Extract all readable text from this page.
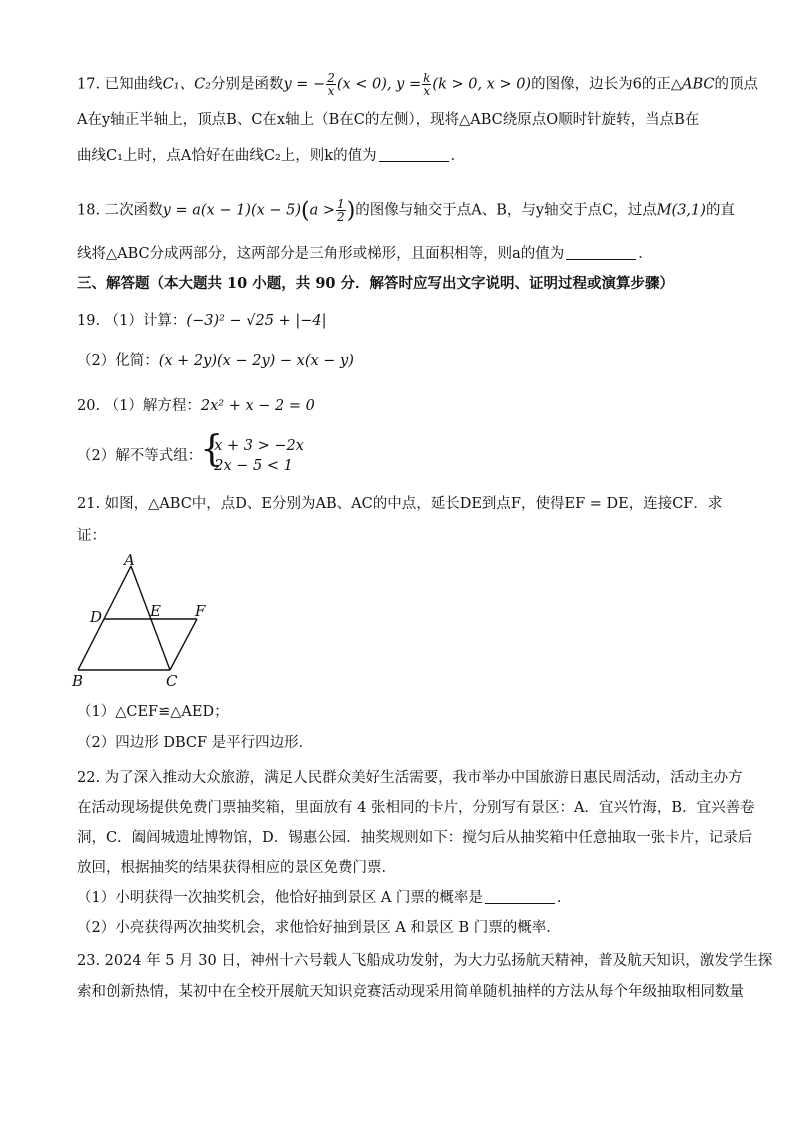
17. 已知曲线C₁、C₂分别是函数y = − $\frac{2}{x} (x < 0)$, $y = \frac{k}{x} (k > 0$, x > 0)的图像，边长为6的正△ABC的顶点
A在y轴正半轴上，顶点B、C在x轴上（B在C的左侧），现将△ABC绕原点O顺时针旋转，当点B在
曲线C₁上时，点A恰好在曲线C₂上，则k的值为	．
18. 二次函数$y = a(x - 1)(x - 5)(a > \frac{1}{2}$ )的图像与轴交于点A、B，与y轴交于点C，过点M(3,1)的直
线将△ABC分成两部分，这两部分是三角形或梯形，且面积相等，则a的值为	．
三、解答题（本大题共 10 小题，共 90 分．解答时应写出文字说明、证明过程或演算步骤）
19. （1）计算：(−3)² − √25 + |−4|
（2）化简：(x + 2y)(x − 2y) − x(x − y)
20. （1）解方程：2x² + x − 2 = 0
（2）解不等式组：
{ x + 3 > −2x
2x − 5 < 1
21. 如图，△ABC中，点D、E分别为AB、AC的中点，延长DE到点F，使得EF = DE，连接CF．求
证：
A
B	C
D	E F
（1）△CEF≌△AED；
（2）四边形 DBCF 是平行四边形．
22. 为了深入推动大众旅游，满足人民群众美好生活需要，我市举办中国旅游日惠民周活动，活动主办方
在活动现场提供免费门票抽奖箱，里面放有 4 张相同的卡片，分别写有景区：A．宜兴竹海，B．宜兴善卷
洞，C．阖闾城遗址博物馆，D．锡惠公园．抽奖规则如下：搅匀后从抽奖箱中任意抽取一张卡片，记录后
放回，根据抽奖的结果获得相应的景区免费门票．
（1）小明获得一次抽奖机会，他恰好抽到景区 A 门票的概率是	．
（2）小亮获得两次抽奖机会，求他恰好抽到景区 A 和景区 B 门票的概率．
23. 2024 年 5 月 30 日，神州十六号载人飞船成功发射，为大力弘扬航天精神，普及航天知识，激发学生探
索和创新热情，某初中在全校开展航天知识竞赛活动现采用简单随机抽样的方法从每个年级抽取相同数量
